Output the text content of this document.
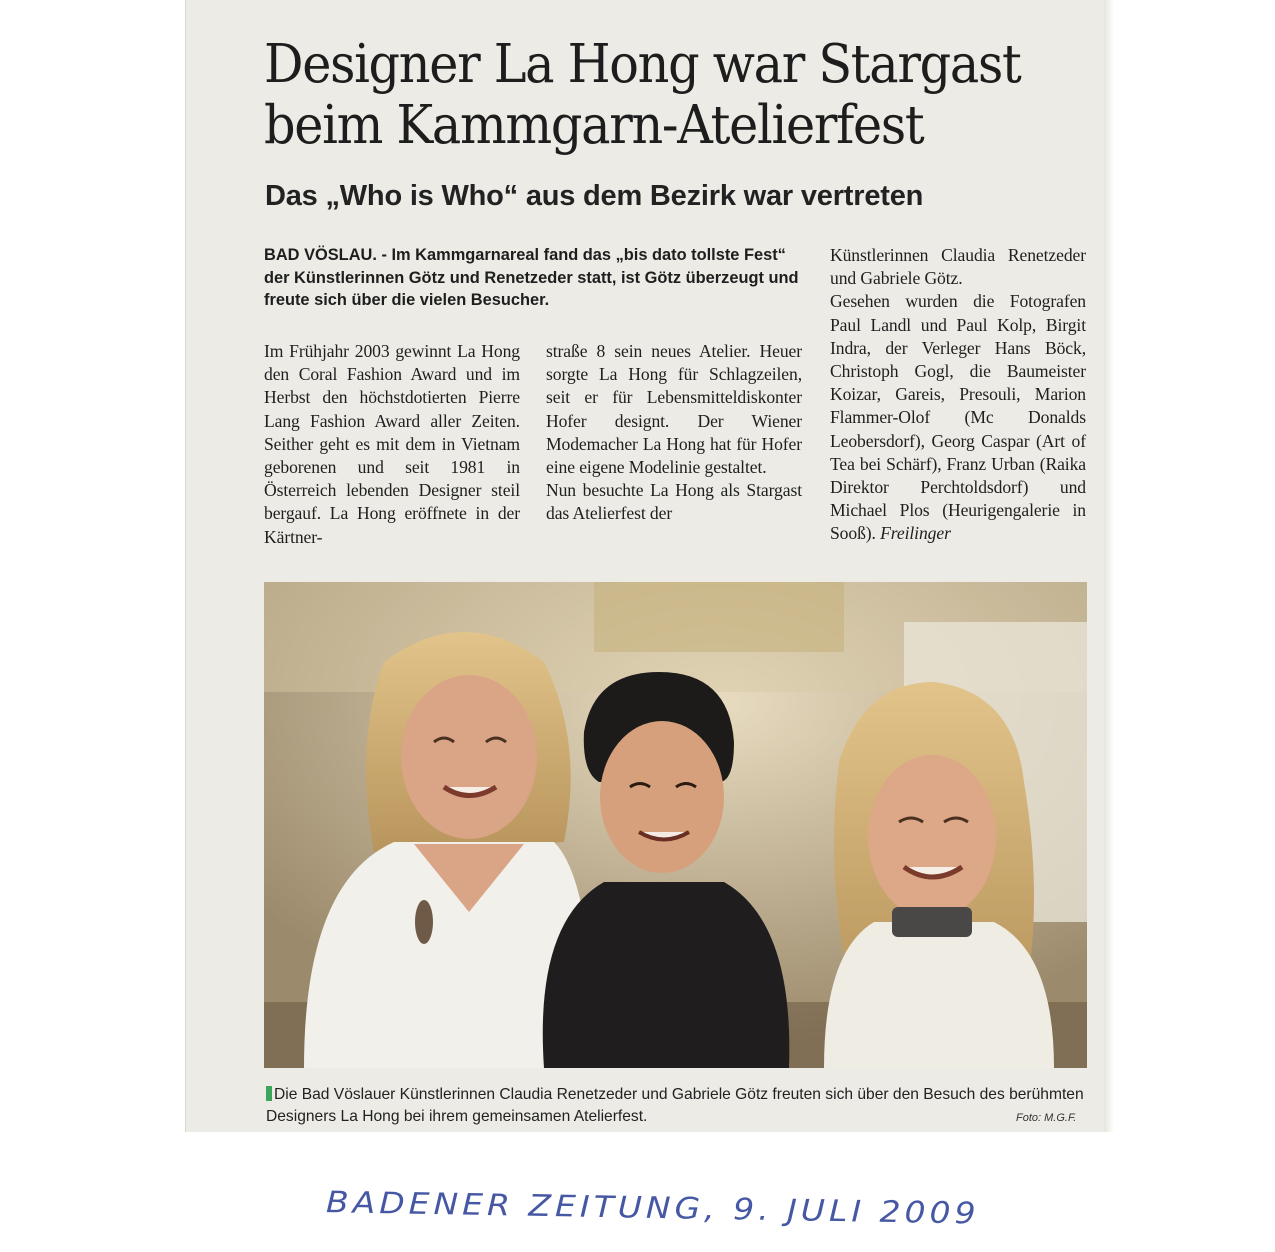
Designer La Hong war Stargast
beim Kammgarn-Atelierfest
Das „Who is Who“ aus dem Bezirk war vertreten
BAD VÖSLAU. - Im Kammgarnareal fand das „bis dato tollste Fest“ der Künstlerinnen Götz und Renetzeder statt, ist Götz überzeugt und freute sich über die vielen Besucher.

Im Frühjahr 2003 gewinnt La Hong den Coral Fashion Award und im Herbst den höchstdotierten Pierre Lang Fashion Award aller Zeiten. Seither geht es mit dem in Vietnam geborenen und seit 1981 in Österreich lebenden Designer steil bergauf. La Hong eröffnete in der Kärtner-

straße 8 sein neues Atelier. Heuer sorgte La Hong für Schlagzeilen, seit er für Lebensmitteldiskonter Hofer designt. Der Wiener Modemacher La Hong hat für Hofer eine eigene Modelinie gestaltet.

Nun besuchte La Hong als Stargast das Atelierfest der

Künstlerinnen Claudia Renetzeder und Gabriele Götz.

Gesehen wurden die Fotografen Paul Landl und Paul Kolp, Birgit Indra, der Verleger Hans Böck, Christoph Gogl, die Baumeister Koizar, Gareis, Presouli, Marion Flammer-Olof (Mc Donalds Leobersdorf), Georg Caspar (Art of Tea bei Schärf), Franz Urban (Raika Direktor Perchtoldsdorf) und Michael Plos (Heurigengalerie in Sooß). Freilinger

Die Bad Vöslauer Künstlerinnen Claudia Renetzeder und Gabriele Götz freuten sich über den Besuch des berühmten Designers La Hong bei ihrem gemeinsamen Atelierfest.	Foto: M.G.F.
BADENER ZEITUNG, 9. JULI 2009
